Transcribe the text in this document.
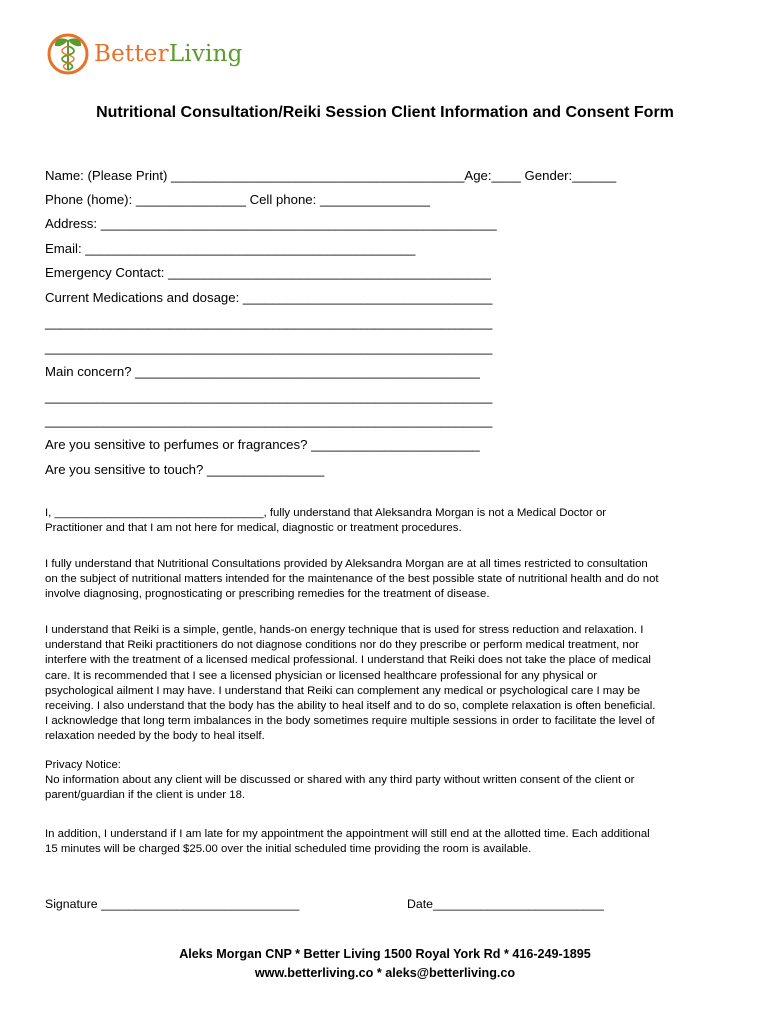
BetterLiving
Nutritional Consultation/Reiki Session Client Information and Consent Form
Name: (Please Print) ________________________________________Age:____ Gender:______
Phone (home): _______________ Cell phone: _______________
Address: ______________________________________________________
Email: _____________________________________________
Emergency Contact: ____________________________________________
Current Medications and dosage: __________________________________
_____________________________________________________________
_____________________________________________________________
Main concern? _______________________________________________
_____________________________________________________________
_____________________________________________________________
Are you sensitive to perfumes or fragrances? _______________________
Are you sensitive to touch? ________________
I, _________________________________, fully understand that Aleksandra Morgan is not a Medical Doctor or
Practitioner and that I am not here for medical, diagnostic or treatment procedures.
I fully understand that Nutritional Consultations provided by Aleksandra Morgan are at all times restricted to consultation
on the subject of nutritional matters intended for the maintenance of the best possible state of nutritional health and do not
involve diagnosing, prognosticating or prescribing remedies for the treatment of disease.
I understand that Reiki is a simple, gentle, hands-on energy technique that is used for stress reduction and relaxation. I
understand that Reiki practitioners do not diagnose conditions nor do they prescribe or perform medical treatment, nor
interfere with the treatment of a licensed medical professional. I understand that Reiki does not take the place of medical
care. It is recommended that I see a licensed physician or licensed healthcare professional for any physical or
psychological ailment I may have. I understand that Reiki can complement any medical or psychological care I may be
receiving. I also understand that the body has the ability to heal itself and to do so, complete relaxation is often beneficial.
I acknowledge that long term imbalances in the body sometimes require multiple sessions in order to facilitate the level of
relaxation needed by the body to heal itself.
Privacy Notice:
No information about any client will be discussed or shared with any third party without written consent of the client or
parent/guardian if the client is under 18.
In addition, I understand if I am late for my appointment the appointment will still end at the allotted time. Each additional
15 minutes will be charged $25.00 over the initial scheduled time providing the room is available.
Signature _____________________________	Date_________________________
Aleks Morgan CNP * Better Living 1500 Royal York Rd * 416-249-1895
www.betterliving.co * aleks@betterliving.co
